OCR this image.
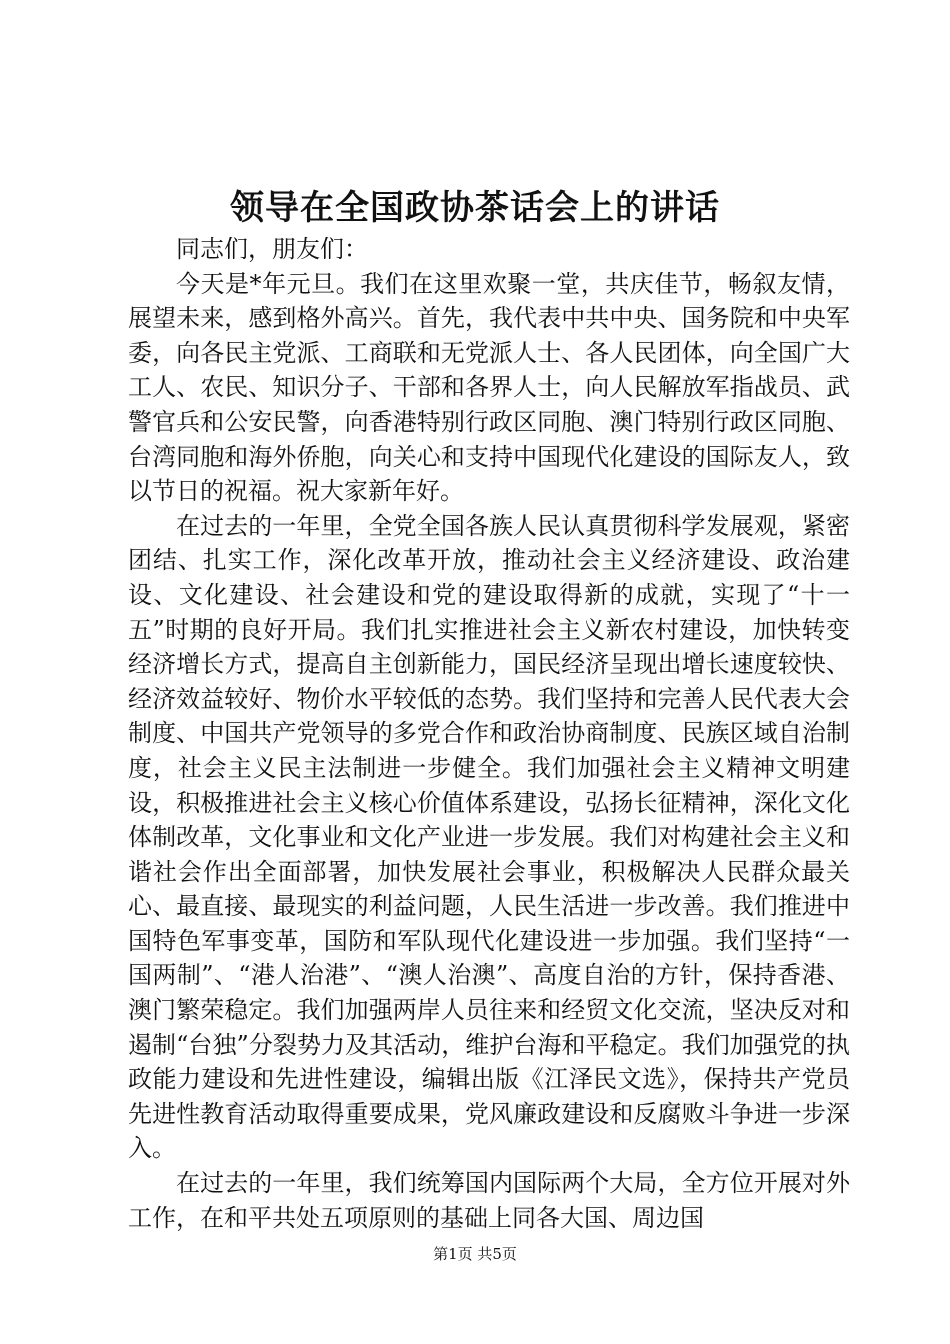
领导在全国政协茶话会上的讲话

同志们，朋友们：

今天是*年元旦。我们在这里欢聚一堂，共庆佳节，畅叙友情，展望未来，感到格外高兴。首先，我代表中共中央、国务院和中央军委，向各民主党派、工商联和无党派人士、各人民团体，向全国广大工人、农民、知识分子、干部和各界人士，向人民解放军指战员、武警官兵和公安民警，向香港特别行政区同胞、澳门特别行政区同胞、台湾同胞和海外侨胞，向关心和支持中国现代化建设的国际友人，致以节日的祝福。祝大家新年好。

在过去的一年里，全党全国各族人民认真贯彻科学发展观，紧密团结、扎实工作，深化改革开放，推动社会主义经济建设、政治建设、文化建设、社会建设和党的建设取得新的成就，实现了“十一五”时期的良好开局。我们扎实推进社会主义新农村建设，加快转变经济增长方式，提高自主创新能力，国民经济呈现出增长速度较快、经济效益较好、物价水平较低的态势。我们坚持和完善人民代表大会制度、中国共产党领导的多党合作和政治协商制度、民族区域自治制度，社会主义民主法制进一步健全。我们加强社会主义精神文明建设，积极推进社会主义核心价值体系建设，弘扬长征精神，深化文化体制改革，文化事业和文化产业进一步发展。我们对构建社会主义和谐社会作出全面部署，加快发展社会事业，积极解决人民群众最关心、最直接、最现实的利益问题，人民生活进一步改善。我们推进中国特色军事变革，国防和军队现代化建设进一步加强。我们坚持“一国两制”、“港人治港”、“澳人治澳”、高度自治的方针，保持香港、澳门繁荣稳定。我们加强两岸人员往来和经贸文化交流，坚决反对和遏制“台独”分裂势力及其活动，维护台海和平稳定。我们加强党的执政能力建设和先进性建设，编辑出版《江泽民文选》，保持共产党员先进性教育活动取得重要成果，党风廉政建设和反腐败斗争进一步深入。

在过去的一年里，我们统筹国内国际两个大局，全方位开展对外工作，在和平共处五项原则的基础上同各大国、周边国

第1页 共5页
